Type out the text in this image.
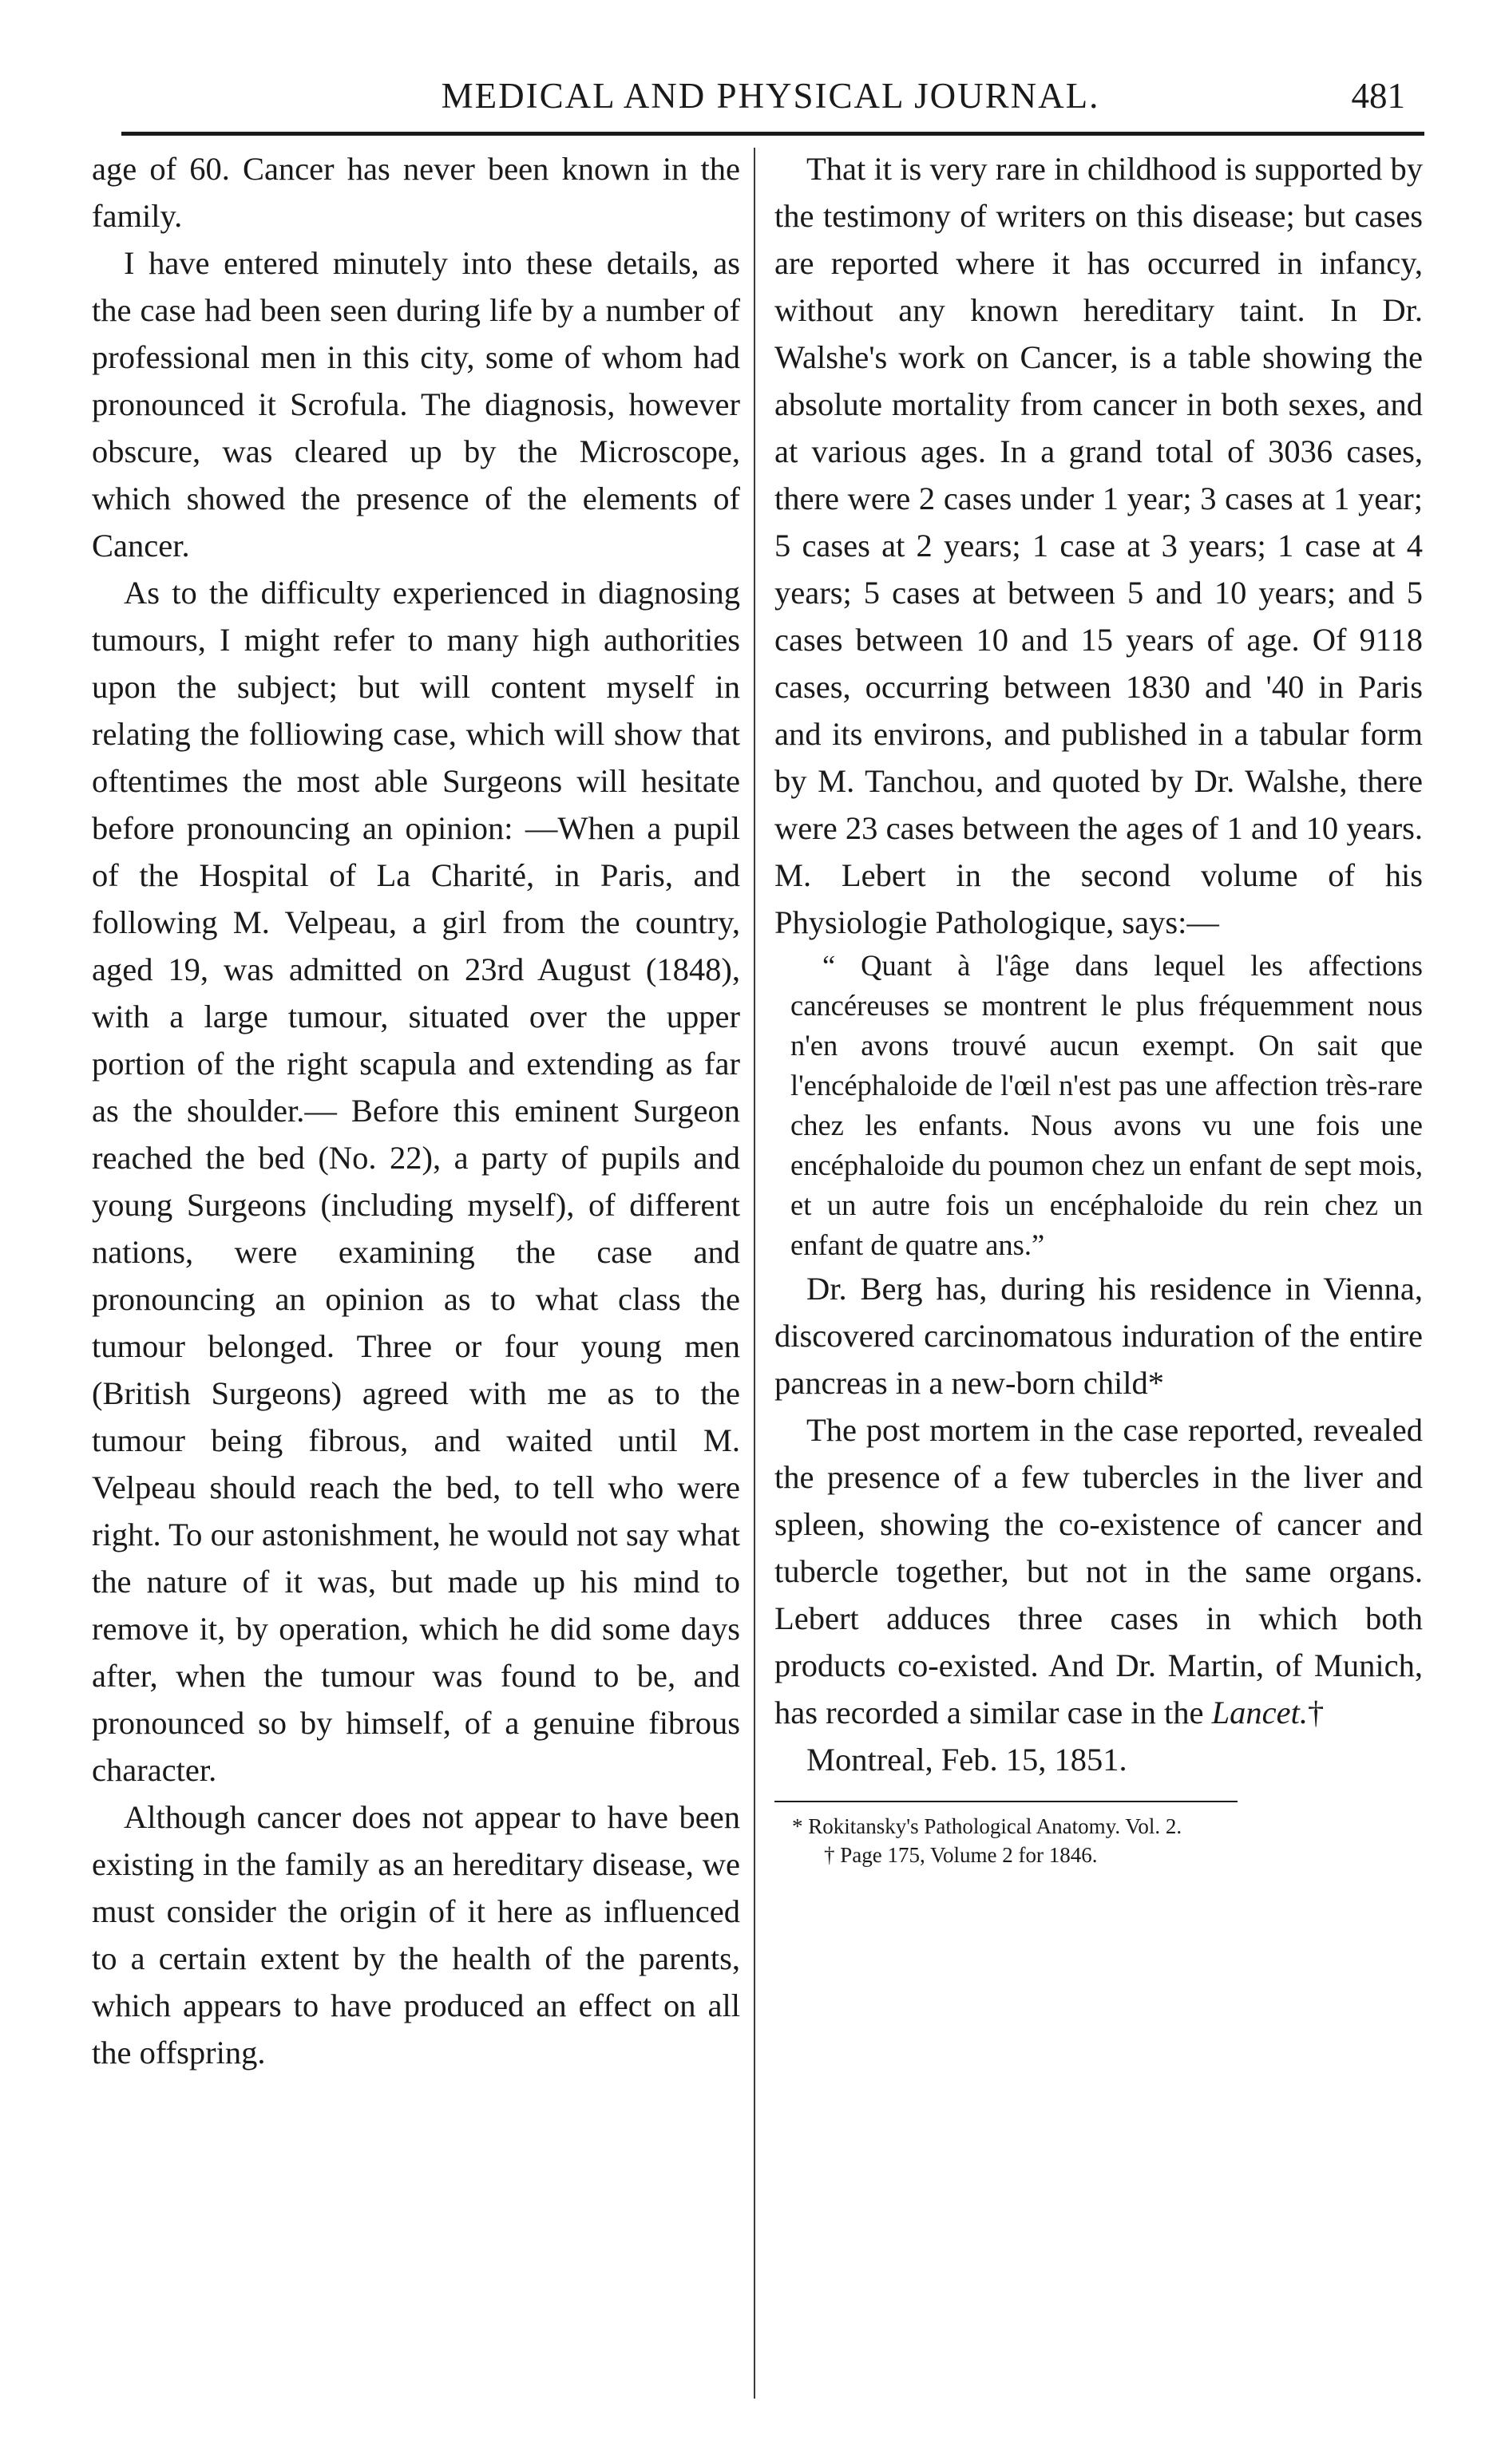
MEDICAL AND PHYSICAL JOURNAL.	481

age of 60. Cancer has never been known in the family.

I have entered minutely into these details, as the case had been seen during life by a number of professional men in this city, some of whom had pronounced it Scrofula. The diagnosis, however obscure, was cleared up by the Microscope, which showed the presence of the elements of Cancer.

As to the difficulty experienced in diagnosing tumours, I might refer to many high authorities upon the subject; but will content myself in relating the folliowing case, which will show that oftentimes the most able Surgeons will hesitate before pronouncing an opinion: —When a pupil of the Hospital of La Charité, in Paris, and following M. Velpeau, a girl from the country, aged 19, was admitted on 23rd August (1848), with a large tumour, situated over the upper portion of the right scapula and extending as far as the shoulder.— Before this eminent Surgeon reached the bed (No. 22), a party of pupils and young Surgeons (including myself), of different nations, were examining the case and pronouncing an opinion as to what class the tumour belonged. Three or four young men (British Surgeons) agreed with me as to the tumour being fibrous, and waited until M. Velpeau should reach the bed, to tell who were right. To our astonishment, he would not say what the nature of it was, but made up his mind to remove it, by operation, which he did some days after, when the tumour was found to be, and pronounced so by himself, of a genuine fibrous character.

Although cancer does not appear to have been existing in the family as an hereditary disease, we must consider the origin of it here as influenced to a certain extent by the health of the parents, which appears to have produced an effect on all the offspring.

That it is very rare in childhood is supported by the testimony of writers on this disease; but cases are reported where it has occurred in infancy, without any known hereditary taint. In Dr. Walshe's work on Cancer, is a table showing the absolute mortality from cancer in both sexes, and at various ages. In a grand total of 3036 cases, there were 2 cases under 1 year; 3 cases at 1 year; 5 cases at 2 years; 1 case at 3 years; 1 case at 4 years; 5 cases at between 5 and 10 years; and 5 cases between 10 and 15 years of age. Of 9118 cases, occurring between 1830 and '40 in Paris and its environs, and published in a tabular form by M. Tanchou, and quoted by Dr. Walshe, there were 23 cases between the ages of 1 and 10 years. M. Lebert in the second volume of his Physiologie Pathologique, says:—

“ Quant à l'âge dans lequel les affections cancéreuses se montrent le plus fréquemment nous n'en avons trouvé aucun exempt. On sait que l'encéphaloide de l'œil n'est pas une affection très-rare chez les enfants. Nous avons vu une fois une encéphaloide du poumon chez un enfant de sept mois, et un autre fois un encéphaloide du rein chez un enfant de quatre ans.”

Dr. Berg has, during his residence in Vienna, discovered carcinomatous induration of the entire pancreas in a new-born child*

The post mortem in the case reported, revealed the presence of a few tubercles in the liver and spleen, showing the co-existence of cancer and tubercle together, but not in the same organs. Lebert adduces three cases in which both products co-existed. And Dr. Martin, of Munich, has recorded a similar case in the Lancet.†

Montreal, Feb. 15, 1851.

* Rokitansky's Pathological Anatomy. Vol. 2.

† Page 175, Volume 2 for 1846.
